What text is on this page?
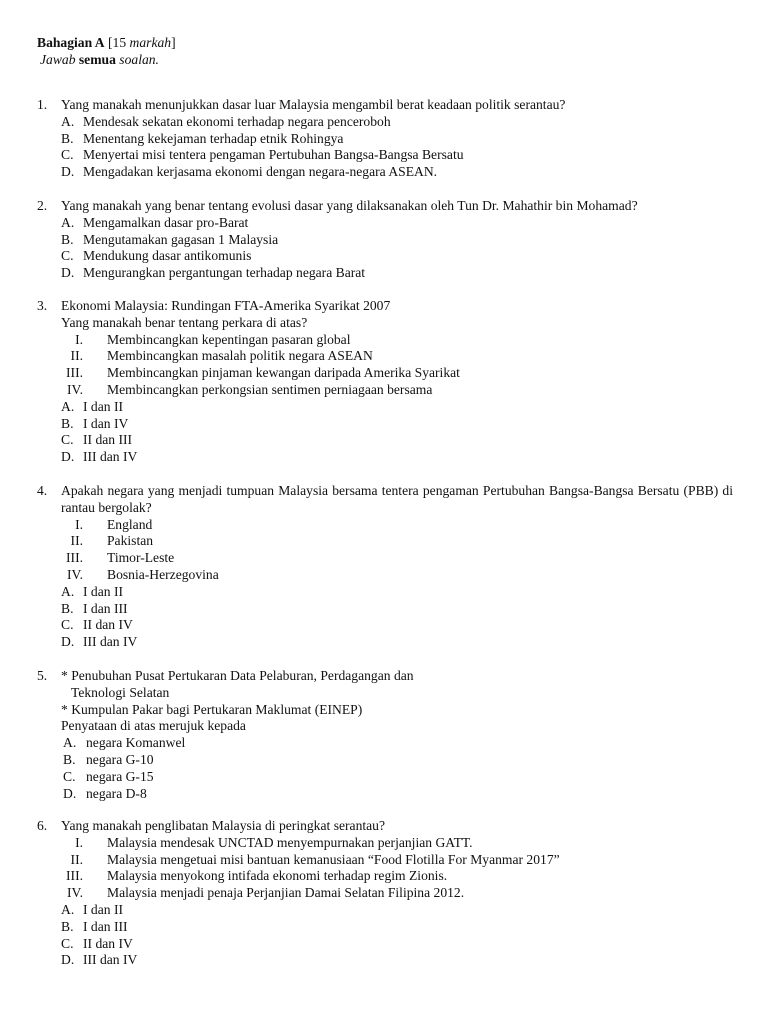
Bahagian A [15 markah]
Jawab semua soalan.
1.	Yang manakah menunjukkan dasar luar Malaysia mengambil berat keadaan politik serantau?
A. Mendesak sekatan ekonomi terhadap negara penceroboh
B. Menentang kekejaman terhadap etnik Rohingya
C. Menyertai misi tentera pengaman Pertubuhan Bangsa-Bangsa Bersatu
D. Mengadakan kerjasama ekonomi dengan negara-negara ASEAN.
2.	Yang manakah yang benar tentang evolusi dasar yang dilaksanakan oleh Tun Dr. Mahathir bin Mohamad?
A. Mengamalkan dasar pro-Barat
B. Mengutamakan gagasan 1 Malaysia
C. Mendukung dasar antikomunis
D. Mengurangkan pergantungan terhadap negara Barat
3.	Ekonomi Malaysia: Rundingan FTA-Amerika Syarikat 2007
Yang manakah benar tentang perkara di atas?
I. Membincangkan kepentingan pasaran global
II. Membincangkan masalah politik negara ASEAN
III. Membincangkan pinjaman kewangan daripada Amerika Syarikat
IV. Membincangkan perkongsian sentimen perniagaan bersama
A. I dan II
B. I dan IV
C. II dan III
D. III dan IV
4.	Apakah negara yang menjadi tumpuan Malaysia bersama tentera pengaman Pertubuhan Bangsa-Bangsa Bersatu (PBB) di rantau bergolak?
I. England
II. Pakistan
III. Timor-Leste
IV. Bosnia-Herzegovina
A. I dan II
B. I dan III
C. II dan IV
D. III dan IV
5.	* Penubuhan Pusat Pertukaran Data Pelaburan, Perdagangan dan
Teknologi Selatan
* Kumpulan Pakar bagi Pertukaran Maklumat (EINEP)
Penyataan di atas merujuk kepada
A. negara Komanwel
B. negara G-10
C. negara G-15
D. negara D-8
6.	Yang manakah penglibatan Malaysia di peringkat serantau?
I. Malaysia mendesak UNCTAD menyempurnakan perjanjian GATT.
II. Malaysia mengetuai misi bantuan kemanusiaan “Food Flotilla For Myanmar 2017”
III. Malaysia menyokong intifada ekonomi terhadap regim Zionis.
IV. Malaysia menjadi penaja Perjanjian Damai Selatan Filipina 2012.
A. I dan II
B. I dan III
C. II dan IV
D. III dan IV
